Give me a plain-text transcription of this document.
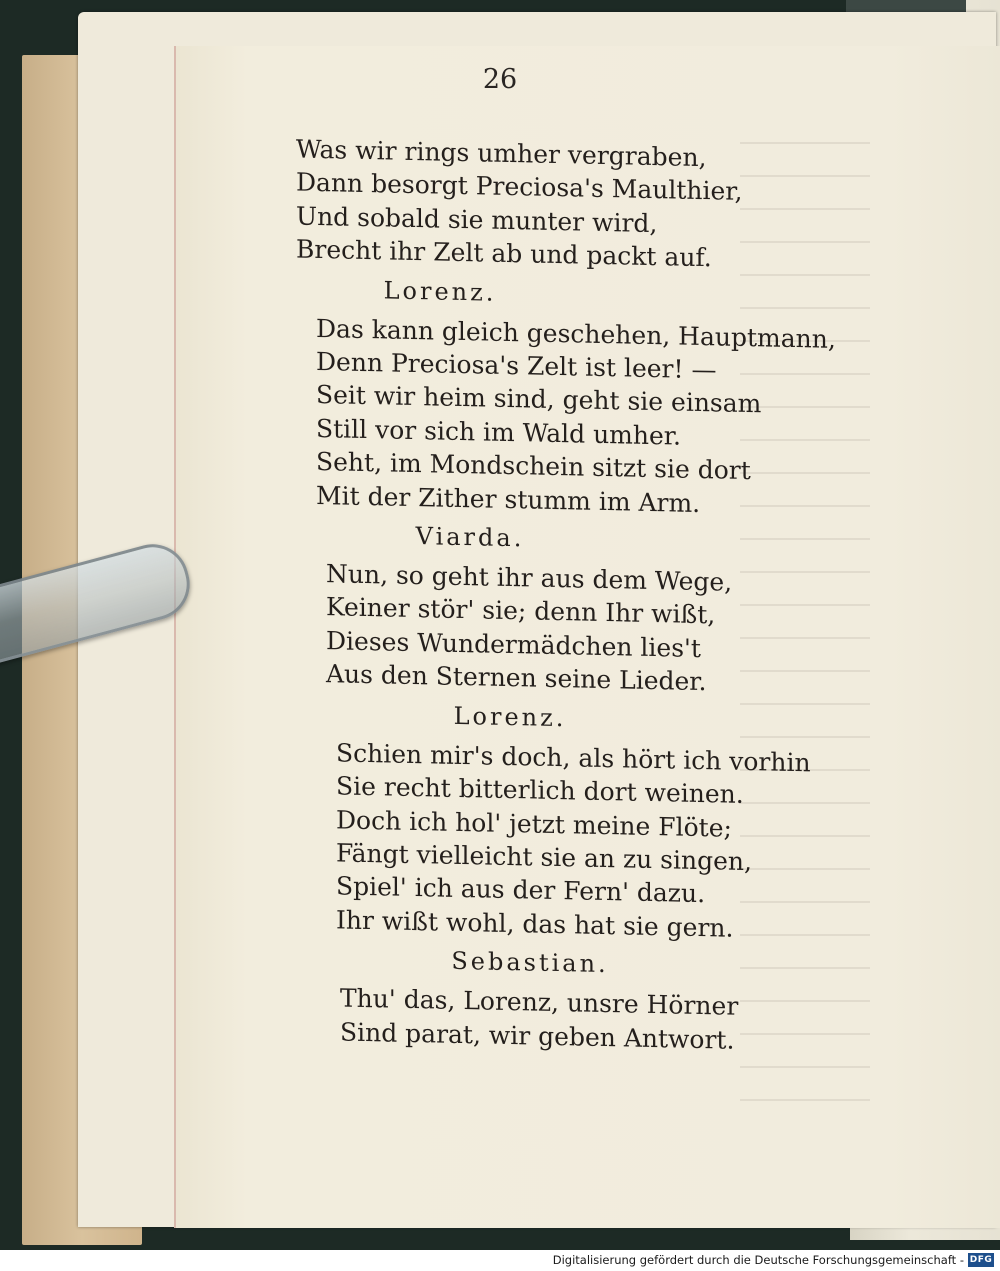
26
Was wir rings umher vergraben,
Dann besorgt Preciosa's Maulthier,
Und sobald sie munter wird,
Brecht ihr Zelt ab und packt auf.
Lorenz.
Das kann gleich geschehen, Hauptmann,
Denn Preciosa's Zelt ist leer! —
Seit wir heim sind, geht sie einsam
Still vor sich im Wald umher.
Seht, im Mondschein sitzt sie dort
Mit der Zither stumm im Arm.
Viarda.
Nun, so geht ihr aus dem Wege,
Keiner stör' sie; denn Ihr wißt,
Dieses Wundermädchen lies't
Aus den Sternen seine Lieder.
Lorenz.
Schien mir's doch, als hört ich vorhin
Sie recht bitterlich dort weinen.
Doch ich hol' jetzt meine Flöte;
Fängt vielleicht sie an zu singen,
Spiel' ich aus der Fern' dazu.
Ihr wißt wohl, das hat sie gern.
Sebastian.
Thu' das, Lorenz, unsre Hörner
Sind parat, wir geben Antwort.
Digitalisierung gefördert durch die Deutsche Forschungsgemeinschaft - DFG
